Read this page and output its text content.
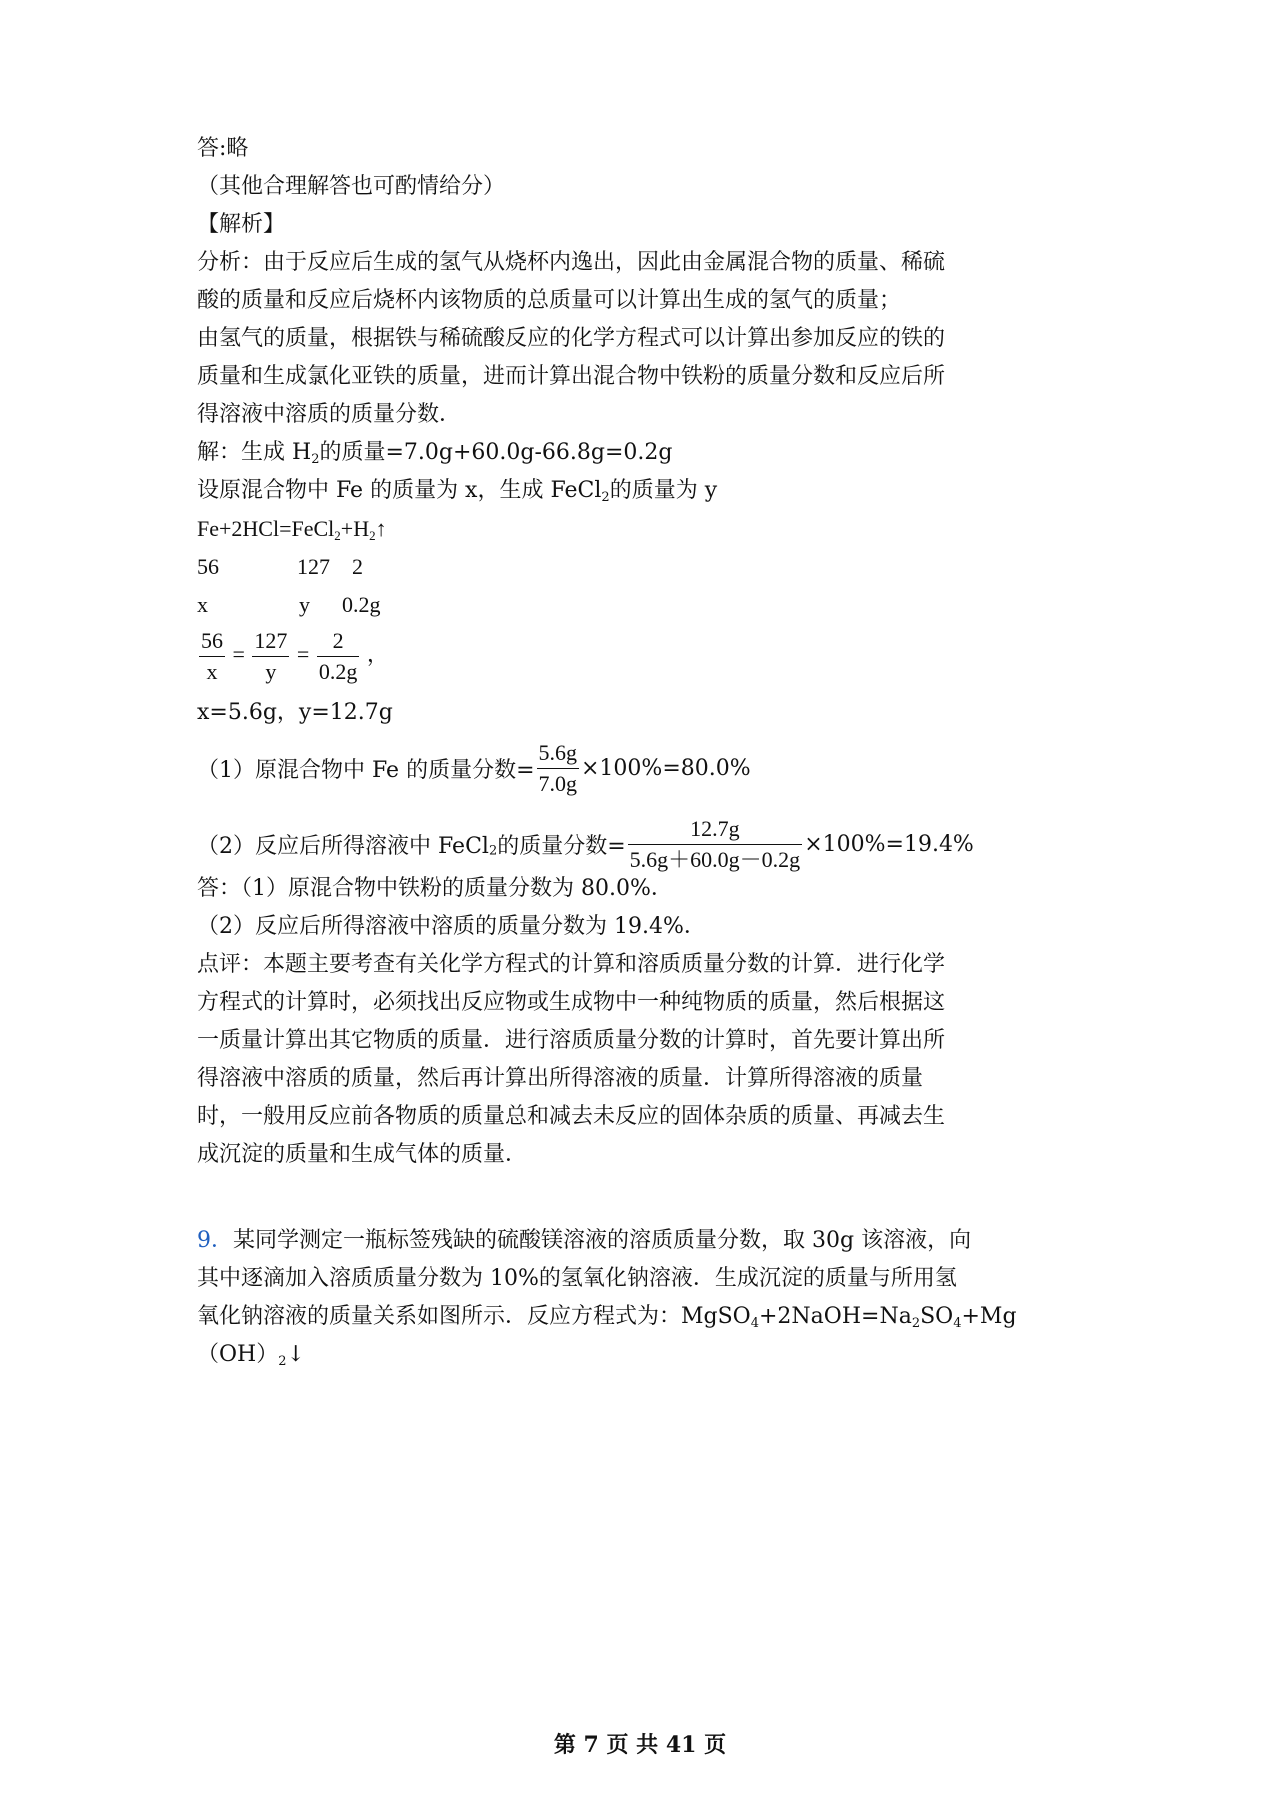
答:略
（其他合理解答也可酌情给分）
【解析】
分析：由于反应后生成的氢气从烧杯内逸出，因此由金属混合物的质量、稀硫
酸的质量和反应后烧杯内该物质的总质量可以计算出生成的氢气的质量；
由氢气的质量，根据铁与稀硫酸反应的化学方程式可以计算出参加反应的铁的
质量和生成氯化亚铁的质量，进而计算出混合物中铁粉的质量分数和反应后所
得溶液中溶质的质量分数．
解：生成 $H_2$的质量=7.0g+60.0g-66.8g=0.2g
设原混合物中 Fe 的质量为 x，生成 FeCl$_2$的质量为 y
$Fe+2HCl=FeCl_2+H_2↑$
56	127 2
x	y 0.2g
$\frac{56}{x} = \frac{127}{y} = \frac{2}{0.2g}$ ，
x=5.6g，y=12.7g
（1）原混合物中 Fe 的质量分数= $\frac{5.6g}{7.0g} \times 100\%=80.0\%$
（2）反应后所得溶液中 FeCl$_2$的质量分数= $\frac{12.7g}{5.6g+60.0g-0.2g} \times 100\%=19.4\%$
答：（1）原混合物中铁粉的质量分数为 80.0%．
（2）反应后所得溶液中溶质的质量分数为 19.4%．
点评：本题主要考查有关化学方程式的计算和溶质质量分数的计算．进行化学
方程式的计算时，必须找出反应物或生成物中一种纯物质的质量，然后根据这
一质量计算出其它物质的质量．进行溶质质量分数的计算时，首先要计算出所
得溶液中溶质的质量，然后再计算出所得溶液的质量．计算所得溶液的质量
时，一般用反应前各物质的质量总和减去未反应的固体杂质的质量、再减去生
成沉淀的质量和生成气体的质量．
9．某同学测定一瓶标签残缺的硫酸镁溶液的溶质质量分数，取 30g 该溶液，向
其中逐滴加入溶质质量分数为 10%的氢氧化钠溶液．生成沉淀的质量与所用氢
氧化钠溶液的质量关系如图所示．反应方程式为：$MgSO_4+2NaOH=Na_2SO_4+Mg$
$(OH)_2↓$
第 7 页 共 41 页
